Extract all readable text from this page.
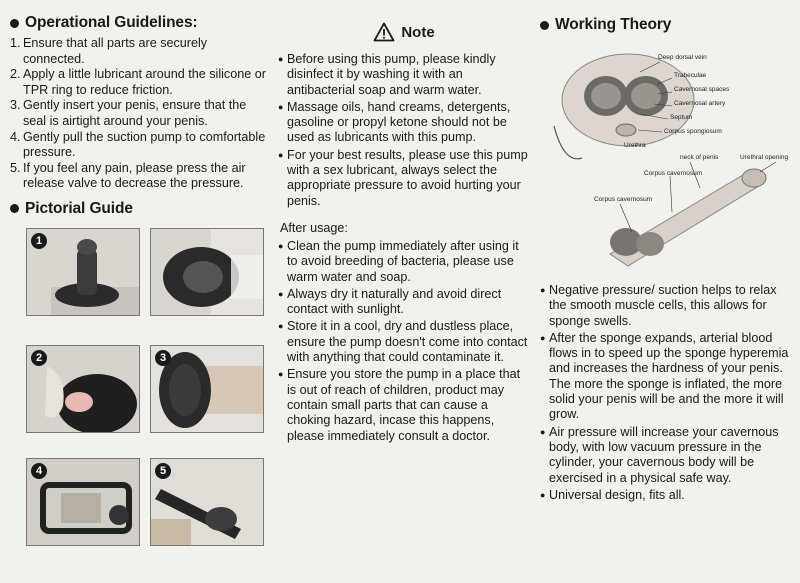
Operational Guidelines:
1. Ensure that all parts are securely connected.
2. Apply a little lubricant around the silicone or TPR ring to reduce friction.
3. Gently insert your penis, ensure that the seal is airtight around your penis.
4. Gently pull the suction pump to comfortable pressure.
5. If you feel any pain, please press the air release valve to decrease the pressure.
Pictorial Guide
1
2	3
4	5
Note
● Before using this pump, please kindly disinfect it by washing it with an antibacterial soap and warm water.
● Massage oils, hand creams, detergents, gasoline or propyl ketone should not be used as lubricants with this pump.
● For your best results, please use this pump with a sex lubricant, always select the appropriate pressure to avoid hurting your penis.
After usage:
● Clean the pump immediately after using it to avoid breeding of bacteria, please use warm water and soap.
● Always dry it naturally and avoid direct contact with sunlight.
● Store it in a cool, dry and dustless place, ensure the pump doesn't come into contact with anything that could contaminate it.
● Ensure you store the pump in a place that is out of reach of children, product may contain small parts that can cause a choking hazard, incase this happens, please immediately consult a doctor.
Working Theory
Deep dorsal vein
Trabeculae
Cavernosal spaces
Cavernosal artery
Septum
Corpus spongiosum
Urethra
neck of penis	Urethral opening
Corpus cavernosum
Corpus cavernosum
● Negative pressure/ suction helps to relax the smooth muscle cells, this allows for sponge swells.
● After the sponge expands, arterial blood flows in to speed up the sponge hyperemia and increases the hardness of your penis. The more the sponge is inflated, the more solid your penis will be and the more it will grow.
● Air pressure will increase your cavernous body, with low vacuum pressure in the cylinder, your cavernous body will be exercised in a physical safe way.
● Universal design, fits all.
